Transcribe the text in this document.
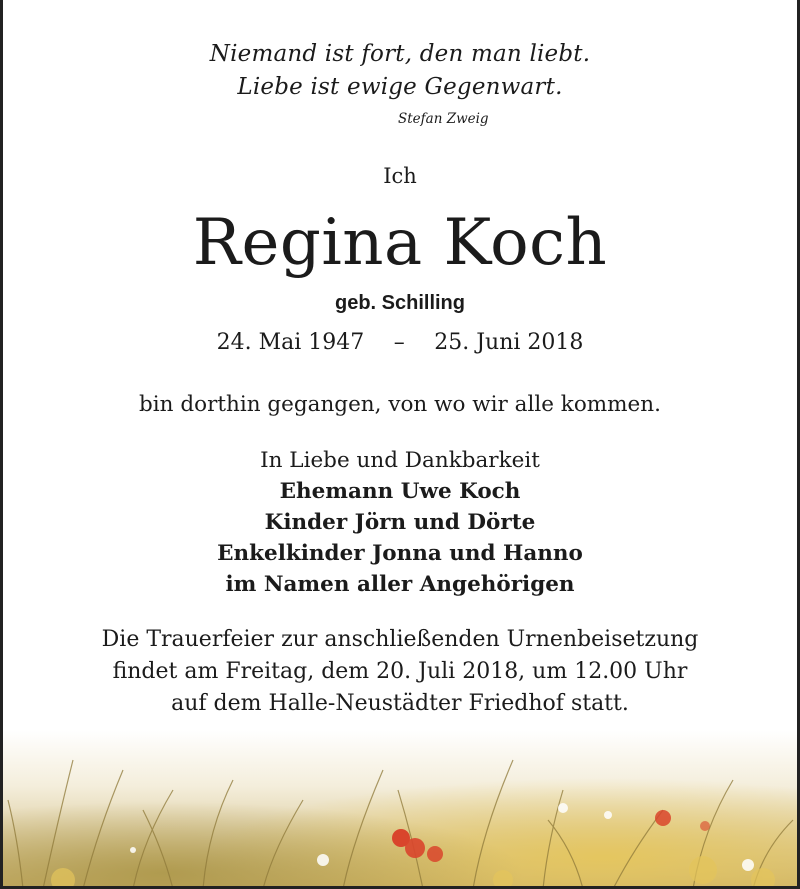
Niemand ist fort, den man liebt.
Liebe ist ewige Gegenwart.
Stefan Zweig
Ich
Regina Koch
geb. Schilling
24. Mai 1947 – 25. Juni 2018
bin dorthin gegangen, von wo wir alle kommen.
In Liebe und Dankbarkeit
Ehemann Uwe Koch
Kinder Jörn und Dörte
Enkelkinder Jonna und Hanno
im Namen aller Angehörigen
Die Trauerfeier zur anschließenden Urnenbeisetzung
findet am Freitag, dem 20. Juli 2018, um 12.00 Uhr
auf dem Halle-Neustädter Friedhof statt.
